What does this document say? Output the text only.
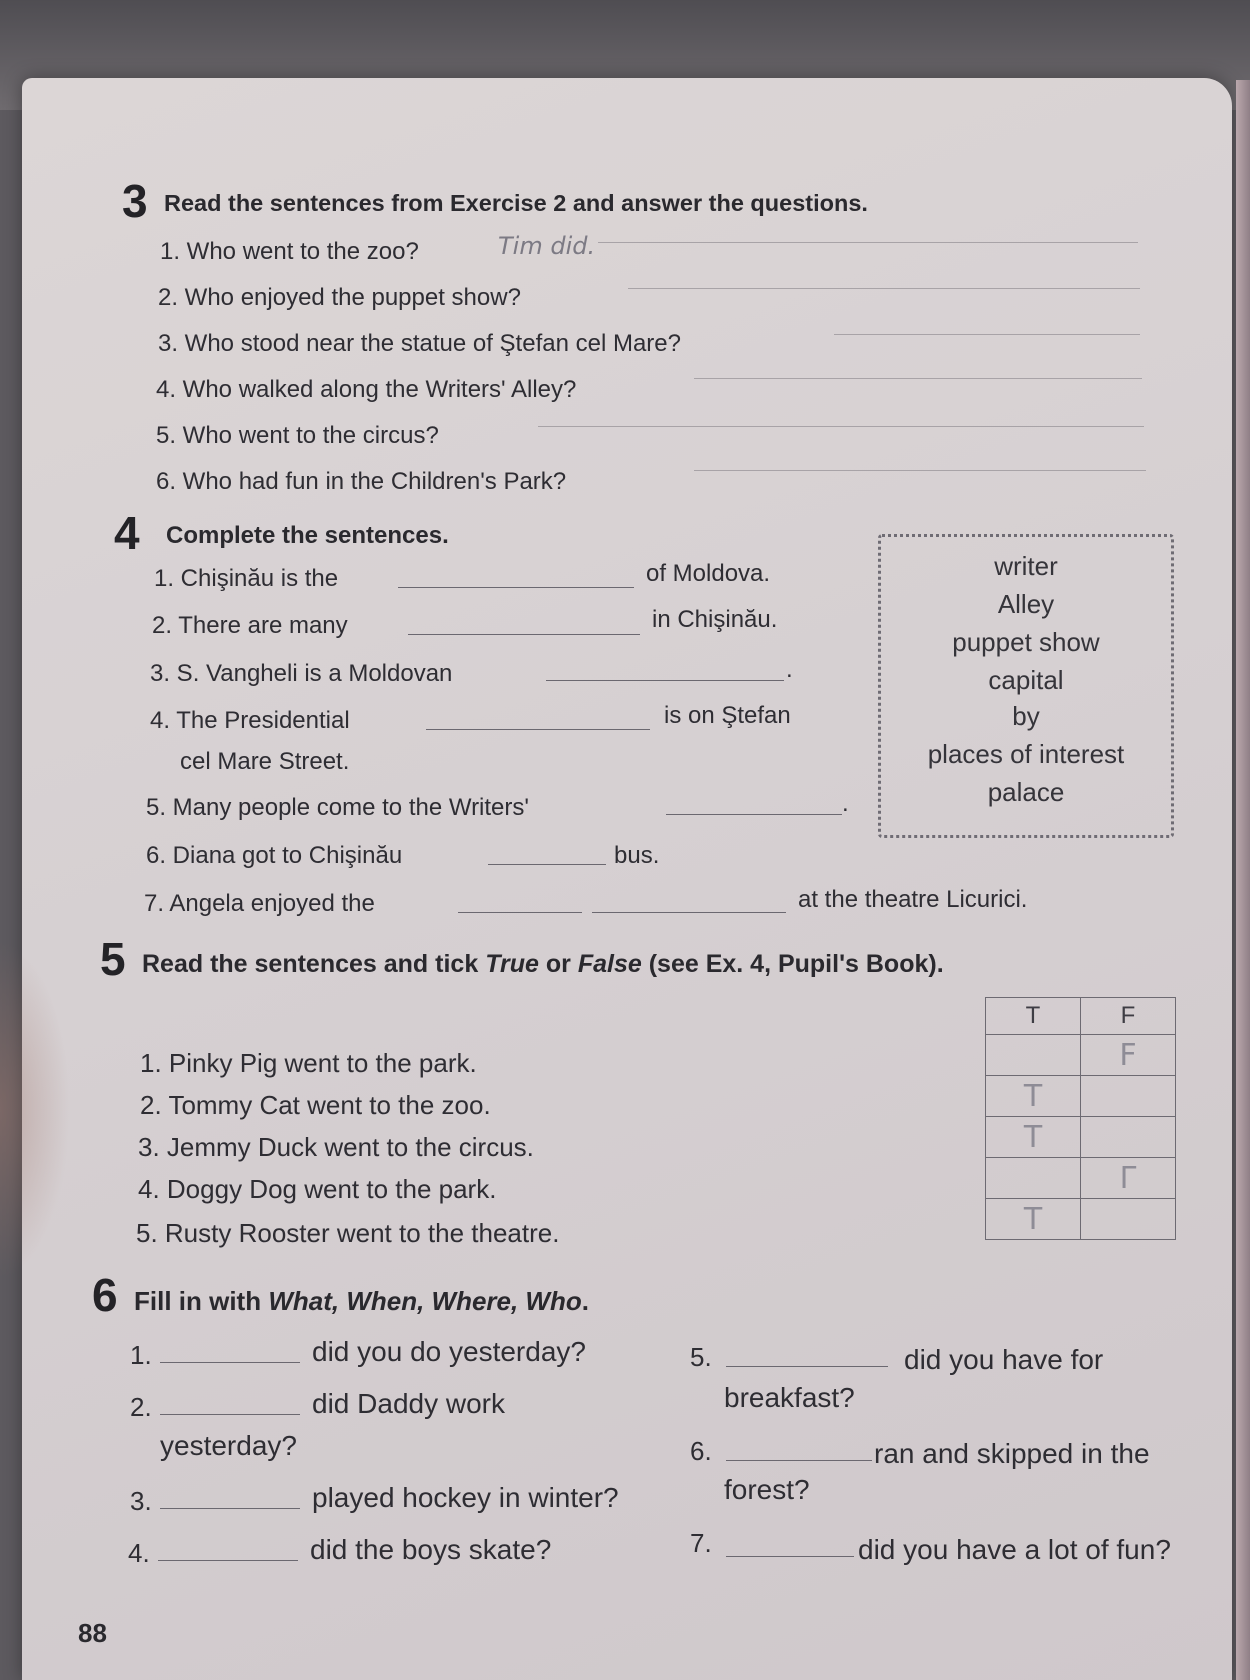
3 Read the sentences from Exercise 2 and answer the questions.
1. Who went to the zoo?	Tim did.
2. Who enjoyed the puppet show?
3. Who stood near the statue of Ştefan cel Mare?
4. Who walked along the Writers' Alley?
5. Who went to the circus?
6. Who had fun in the Children's Park?
4 Complete the sentences.
1. Chişinău is the	of Moldova.
2. There are many	in Chişinău.
3. S. Vangheli is a Moldovan	.
4. The Presidential	is on Ştefan
cel Mare Street.
5. Many people come to the Writers'	.
6. Diana got to Chişinău	bus.
7. Angela enjoyed the	at the theatre Licurici.
writer
Alley
puppet show
capital
by
places of interest
palace
5 Read the sentences and tick True or False (see Ex. 4, Pupil's Book).
1. Pinky Pig went to the park.
2. Tommy Cat went to the zoo.
3. Jemmy Duck went to the circus.
4. Doggy Dog went to the park.
5. Rusty Rooster went to the theatre.
T	F
	F
T	
T	
	Γ
T	
6 Fill in with What, When, Where, Who.
1.	did you do yesterday?
2.	did Daddy work
yesterday?
3.	played hockey in winter?
4.	did the boys skate?
5.	did you have for
breakfast?
6.	ran and skipped in the
forest?
7.	did you have a lot of fun?
88
